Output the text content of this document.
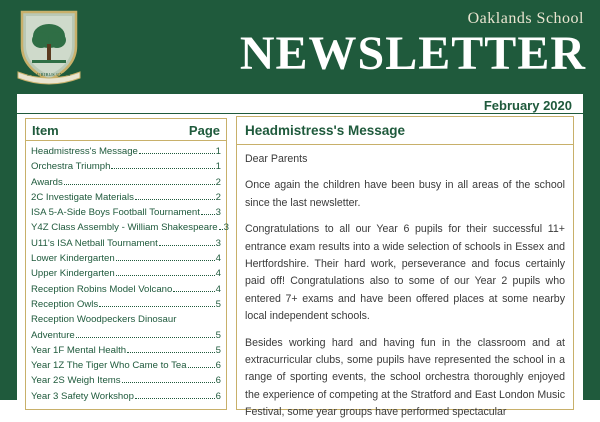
E PLURIBUS UNUM
Oaklands School
NEWSLETTER
February 2020
Item	Page
Headmistress's Message	1
Orchestra Triumph	1
Awards	2
2C Investigate Materials	2
ISA 5-A-Side Boys Football Tournament 3
Y4Z Class Assembly - William Shakespeare 3
U11's ISA Netball Tournament	3
Lower Kindergarten	4
Upper Kindergarten	4
Reception Robins Model Volcano	4
Reception Owls	5
Reception Woodpeckers Dinosaur
Adventure	5
Year 1F Mental Health	5
Year 1Z The Tiger Who Came to Tea	6
Year 2S Weigh Items	6
Year 3 Safety Workshop	6
Headmistress's Message

Dear Parents

Once again the children have been busy in all areas of the school since the last newsletter.

Congratulations to all our Year 6 pupils for their successful 11+ entrance exam results into a wide selection of schools in Essex and Hertfordshire. Their hard work, perseverance and focus certainly paid off! Congratulations also to some of our Year 2 pupils who entered 7+ exams and have been offered places at some nearby local independent schools.

Besides working hard and having fun in the classroom and at extracurricular clubs, some pupils have represented the school in a range of sporting events, the school orchestra thoroughly enjoyed the experience of competing at the Stratford and East London Music Festival, some year groups have performed spectacular
